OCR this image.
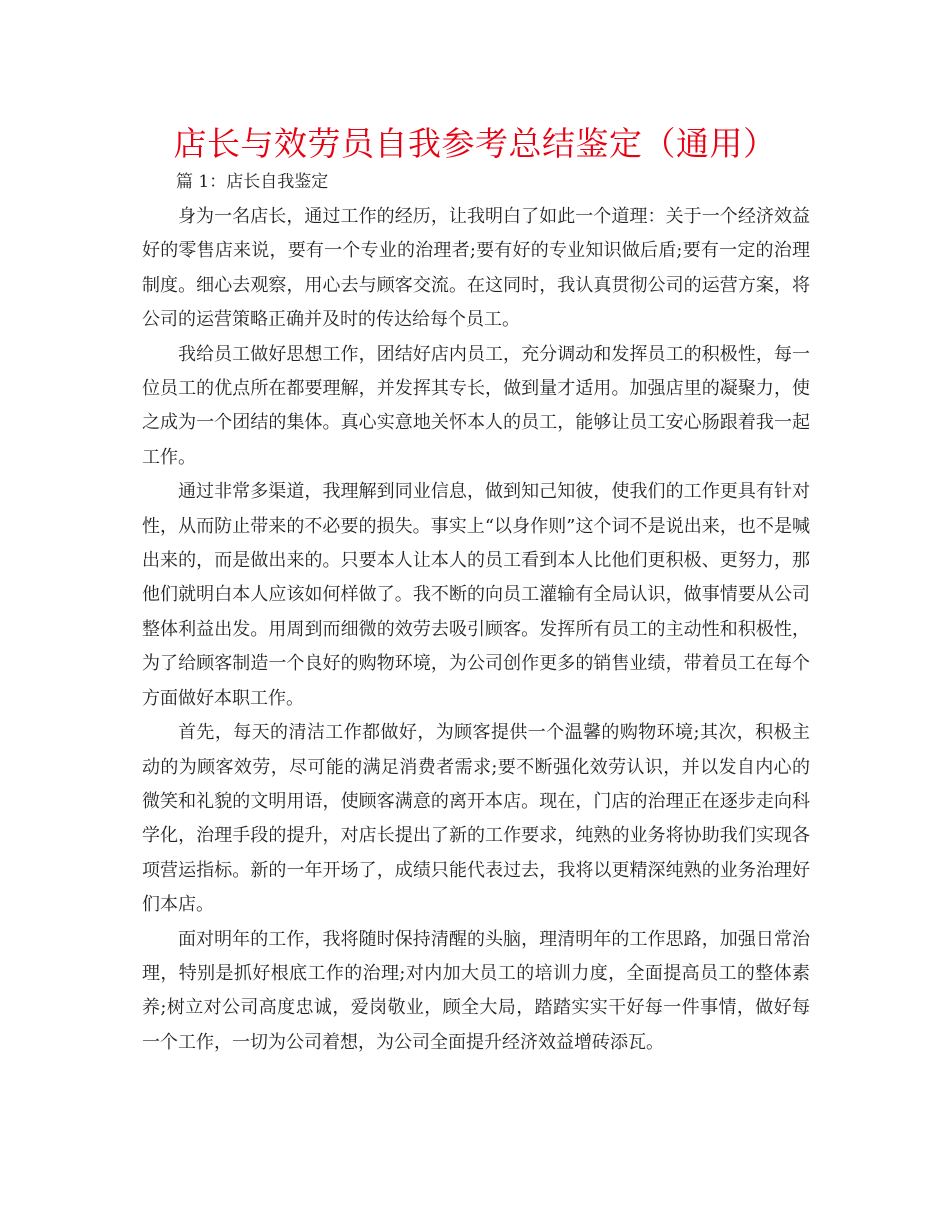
店长与效劳员自我参考总结鉴定（通用）
篇 1：店长自我鉴定

身为一名店长，通过工作的经历，让我明白了如此一个道理：关于一个经济效益好的零售店来说，要有一个专业的治理者;要有好的专业知识做后盾;要有一定的治理制度。细心去观察，用心去与顾客交流。在这同时，我认真贯彻公司的运营方案，将公司的运营策略正确并及时的传达给每个员工。

我给员工做好思想工作，团结好店内员工，充分调动和发挥员工的积极性，每一位员工的优点所在都要理解，并发挥其专长，做到量才适用。加强店里的凝聚力，使之成为一个团结的集体。真心实意地关怀本人的员工，能够让员工安心肠跟着我一起工作。

通过非常多渠道，我理解到同业信息，做到知己知彼，使我们的工作更具有针对性，从而防止带来的不必要的损失。事实上“以身作则”这个词不是说出来，也不是喊出来的，而是做出来的。只要本人让本人的员工看到本人比他们更积极、更努力，那他们就明白本人应该如何样做了。我不断的向员工灌输有全局认识，做事情要从公司整体利益出发。用周到而细微的效劳去吸引顾客。发挥所有员工的主动性和积极性，为了给顾客制造一个良好的购物环境，为公司创作更多的销售业绩，带着员工在每个方面做好本职工作。

首先，每天的清洁工作都做好，为顾客提供一个温馨的购物环境;其次，积极主动的为顾客效劳，尽可能的满足消费者需求;要不断强化效劳认识，并以发自内心的微笑和礼貌的文明用语，使顾客满意的离开本店。现在，门店的治理正在逐步走向科学化，治理手段的提升，对店长提出了新的工作要求，纯熟的业务将协助我们实现各项营运指标。新的一年开场了，成绩只能代表过去，我将以更精深纯熟的业务治理好们本店。

面对明年的工作，我将随时保持清醒的头脑，理清明年的工作思路，加强日常治理，特别是抓好根底工作的治理;对内加大员工的培训力度，全面提高员工的整体素养;树立对公司高度忠诚，爱岗敬业，顾全大局，踏踏实实干好每一件事情，做好每一个工作，一切为公司着想，为公司全面提升经济效益增砖添瓦。
